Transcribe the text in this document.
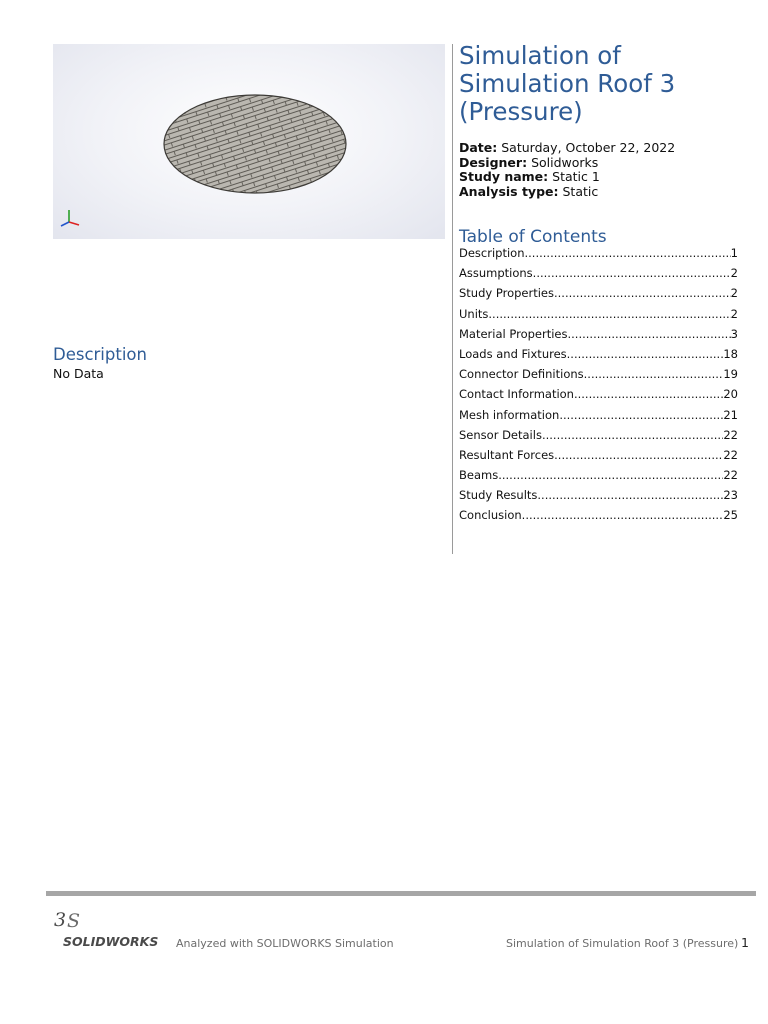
Simulation of Simulation Roof 3 (Pressure)
Date: Saturday, October 22, 2022
Designer: Solidworks
Study name: Static 1
Analysis type: Static
Table of Contents
Description .....	1
Assumptions .....	2
Study Properties .....	2
Units .....	2
Material Properties .....	3
Loads and Fixtures .....	18
Connector Definitions .....	19
Contact Information .....	20
Mesh information .....	21
Sensor Details .....	22
Resultant Forces .....	22
Beams .....	22
Study Results .....	23
Conclusion .....	25
Description
No Data
3 S
SOLIDWORKS Analyzed with SOLIDWORKS Simulation	Simulation of Simulation Roof 3 (Pressure) 1
